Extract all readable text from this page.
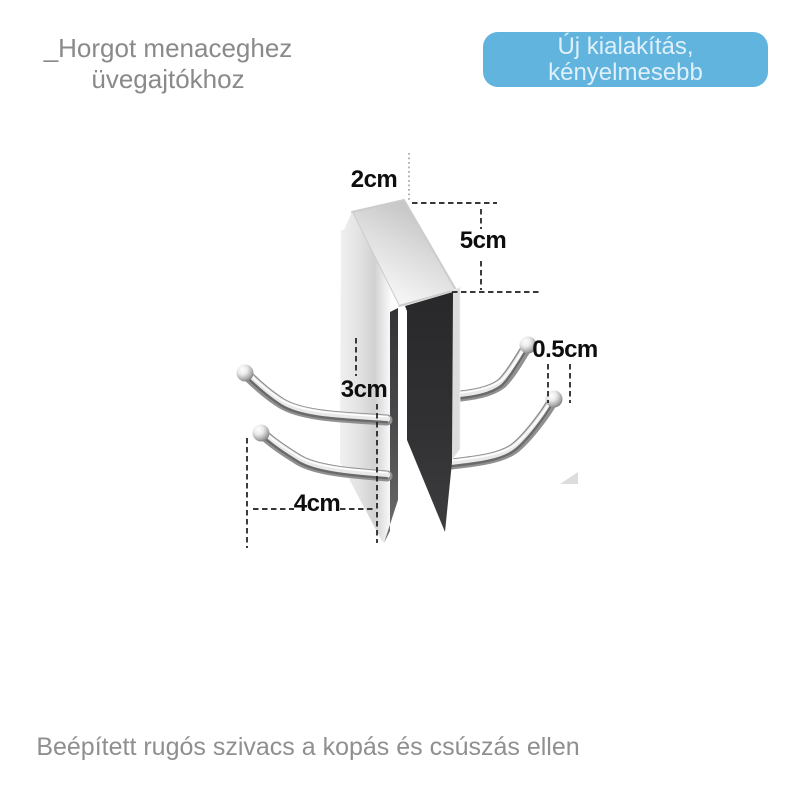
_Horgot menaceghez
üvegajtókhoz
Új kialakítás,
kényelmesebb
2cm
5cm
3cm
0.5cm
4cm
Beépített rugós szivacs a kopás és csúszás ellen
